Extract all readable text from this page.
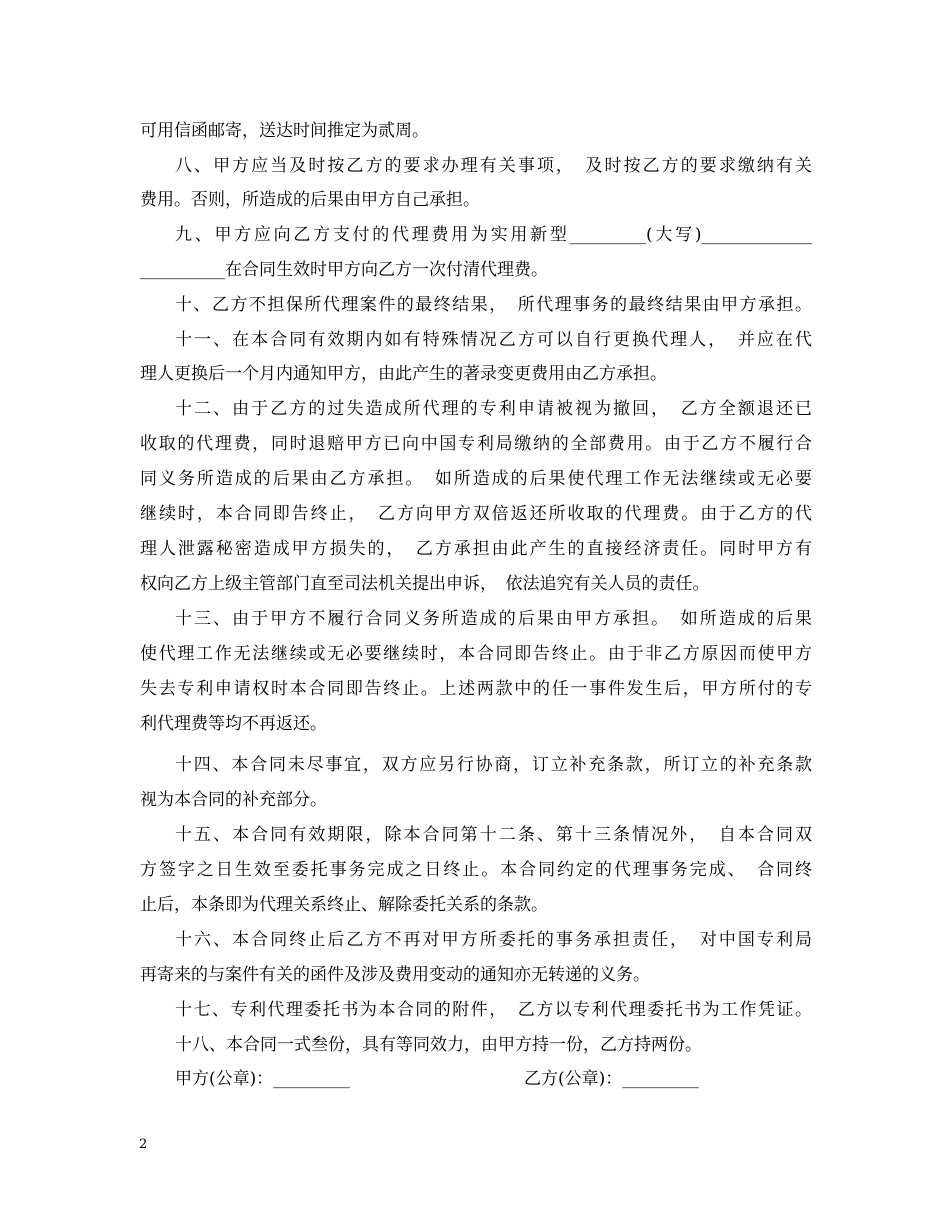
可用信函邮寄，送达时间推定为贰周。
八、甲方应当及时按乙方的要求办理有关事项，　及时按乙方的要求缴纳有关
费用。否则，所造成的后果由甲方自己承担。
九、甲方应向乙方支付的代理费用为实用新型_________(大写)_____________
__________在合同生效时甲方向乙方一次付清代理费。
十、乙方不担保所代理案件的最终结果，　所代理事务的最终结果由甲方承担。
十一、在本合同有效期内如有特殊情况乙方可以自行更换代理人，　并应在代
理人更换后一个月内通知甲方，由此产生的著录变更费用由乙方承担。
十二、由于乙方的过失造成所代理的专利申请被视为撤回，　乙方全额退还已
收取的代理费，同时退赔甲方已向中国专利局缴纳的全部费用。由于乙方不履行合
同义务所造成的后果由乙方承担。　如所造成的后果使代理工作无法继续或无必要
继续时，本合同即告终止，　乙方向甲方双倍返还所收取的代理费。由于乙方的代
理人泄露秘密造成甲方损失的，　乙方承担由此产生的直接经济责任。同时甲方有
权向乙方上级主管部门直至司法机关提出申诉，　依法追究有关人员的责任。
十三、由于甲方不履行合同义务所造成的后果由甲方承担。　如所造成的后果
使代理工作无法继续或无必要继续时，本合同即告终止。由于非乙方原因而使甲方
失去专利申请权时本合同即告终止。上述两款中的任一事件发生后，甲方所付的专
利代理费等均不再返还。
十四、本合同未尽事宜，双方应另行协商，订立补充条款，所订立的补充条款
视为本合同的补充部分。
十五、本合同有效期限，除本合同第十二条、第十三条情况外，　自本合同双
方签字之日生效至委托事务完成之日终止。本合同约定的代理事务完成、　合同终
止后，本条即为代理关系终止、解除委托关系的条款。
十六、本合同终止后乙方不再对甲方所委托的事务承担责任，　对中国专利局
再寄来的与案件有关的函件及涉及费用变动的通知亦无转递的义务。
十七、专利代理委托书为本合同的附件，　乙方以专利代理委托书为工作凭证。
十八、本合同一式叁份，具有等同效力，由甲方持一份，乙方持两份。
甲方(公章)：_________	乙方(公章)：_________
2
